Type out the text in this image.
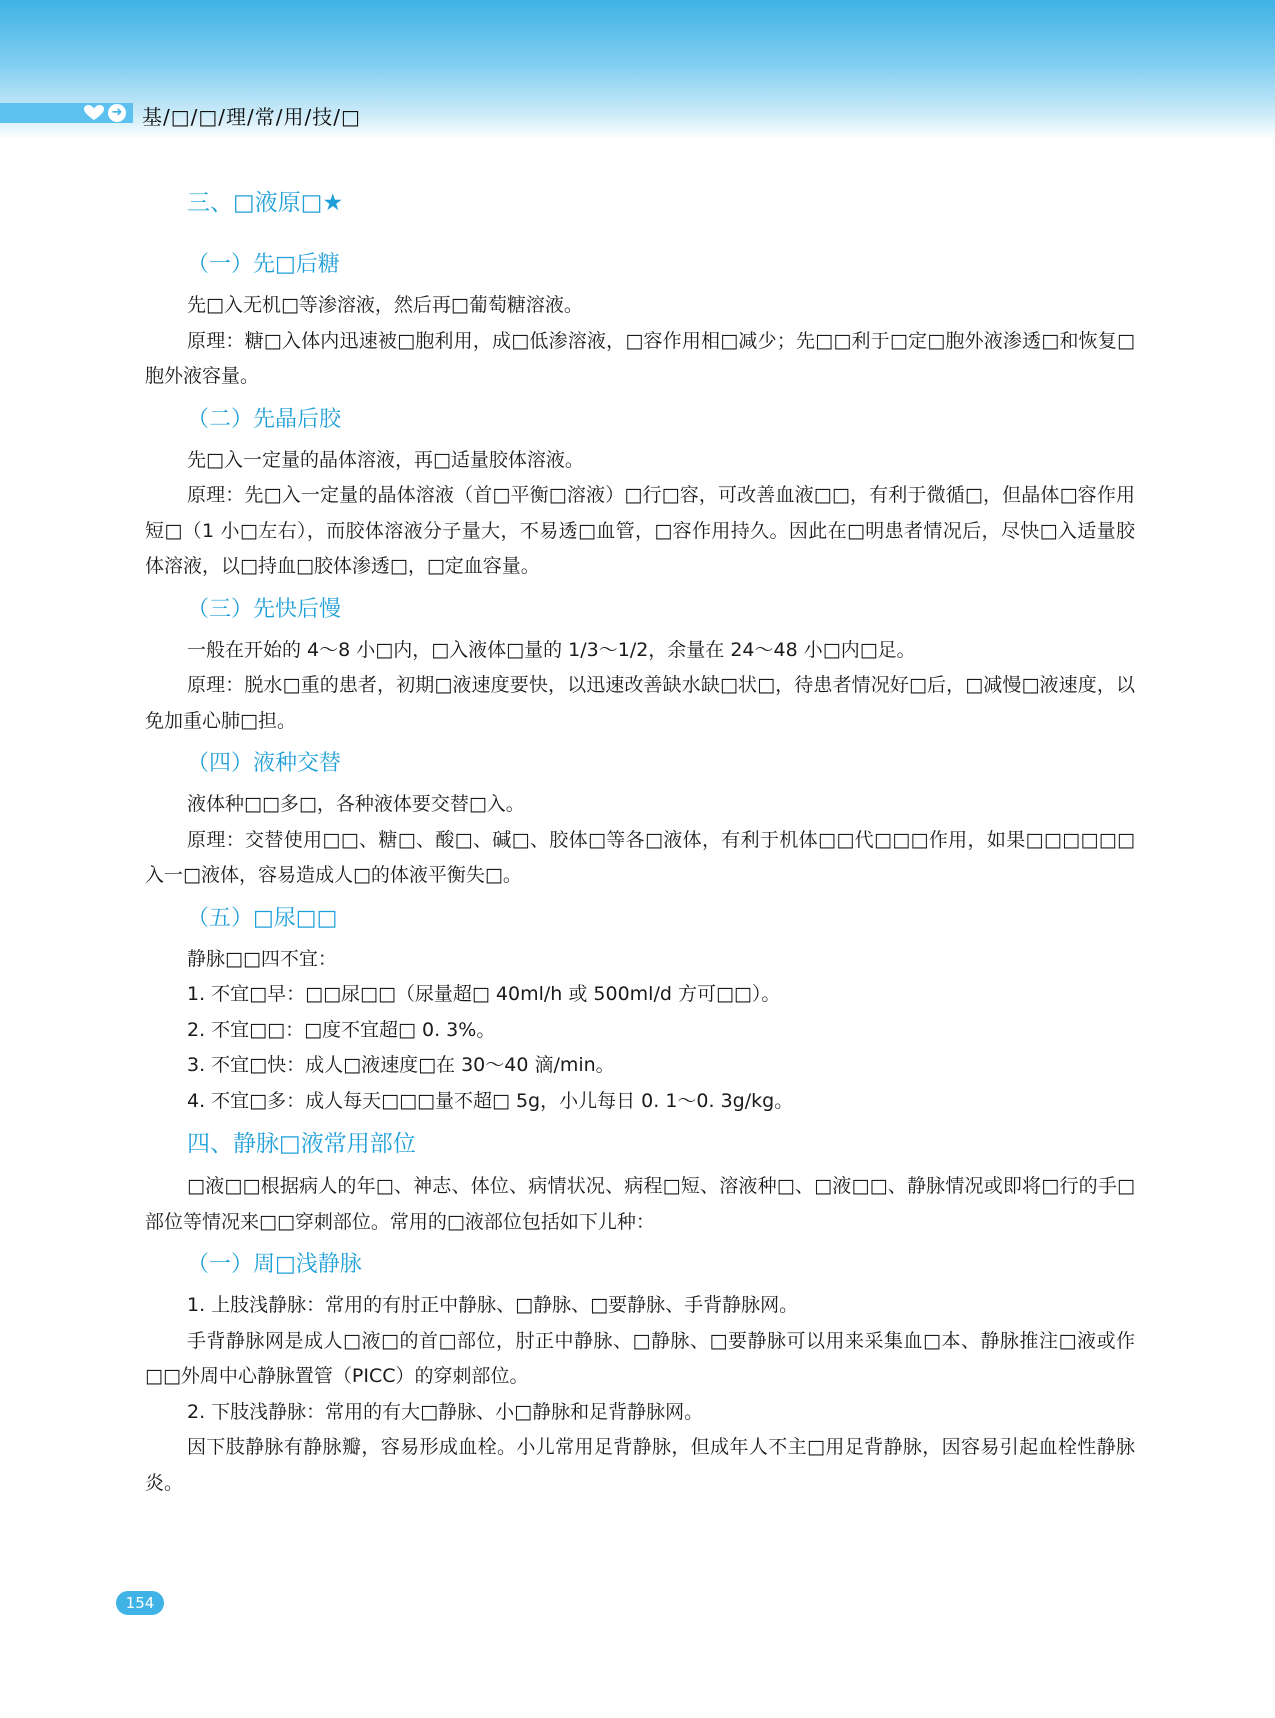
➜ 基/□/□/理/常/用/技/□
三、□液原□★
（一）先□后糖

先□入无机□等渗溶液，然后再□葡萄糖溶液。

原理：糖□入体内迅速被□胞利用，成□低渗溶液，□容作用相□减少；先□□利于□定□胞外液渗透□和恢复□胞外液容量。

（二）先晶后胶

先□入一定量的晶体溶液，再□适量胶体溶液。

原理：先□入一定量的晶体溶液（首□平衡□溶液）□行□容，可改善血液□□，有利于微循□，但晶体□容作用短□（1 小□左右），而胶体溶液分子量大，不易透□血管，□容作用持久。因此在□明患者情况后，尽快□入适量胶体溶液，以□持血□胶体渗透□，□定血容量。

（三）先快后慢

一般在开始的 4～8 小□内，□入液体□量的 1/3～1/2，余量在 24～48 小□内□足。

原理：脱水□重的患者，初期□液速度要快，以迅速改善缺水缺□状□，待患者情况好□后，□减慢□液速度，以免加重心肺□担。

（四）液种交替

液体种□□多□，各种液体要交替□入。

原理：交替使用□□、糖□、酸□、碱□、胶体□等各□液体，有利于机体□□代□□□作用，如果□□□□□□入一□液体，容易造成人□的体液平衡失□。

（五）□尿□□

静脉□□四不宜：

1. 不宜□早：□□尿□□（尿量超□ 40ml/h 或 500ml/d 方可□□）。

2. 不宜□□：□度不宜超□ 0. 3%。

3. 不宜□快：成人□液速度□在 30～40 滴/min。

4. 不宜□多：成人每天□□□量不超□ 5g，小儿每日 0. 1～0. 3g/kg。

四、静脉□液常用部位

□液□□根据病人的年□、神志、体位、病情状况、病程□短、溶液种□、□液□□、静脉情况或即将□行的手□部位等情况来□□穿刺部位。常用的□液部位包括如下儿种：

（一）周□浅静脉

1. 上肢浅静脉：常用的有肘正中静脉、□静脉、□要静脉、手背静脉网。

手背静脉网是成人□液□的首□部位，肘正中静脉、□静脉、□要静脉可以用来采集血□本、静脉推注□液或作□□外周中心静脉置管（PICC）的穿刺部位。

2. 下肢浅静脉：常用的有大□静脉、小□静脉和足背静脉网。

因下肢静脉有静脉瓣，容易形成血栓。小儿常用足背静脉，但成年人不主□用足背静脉，因容易引起血栓性静脉炎。

154
